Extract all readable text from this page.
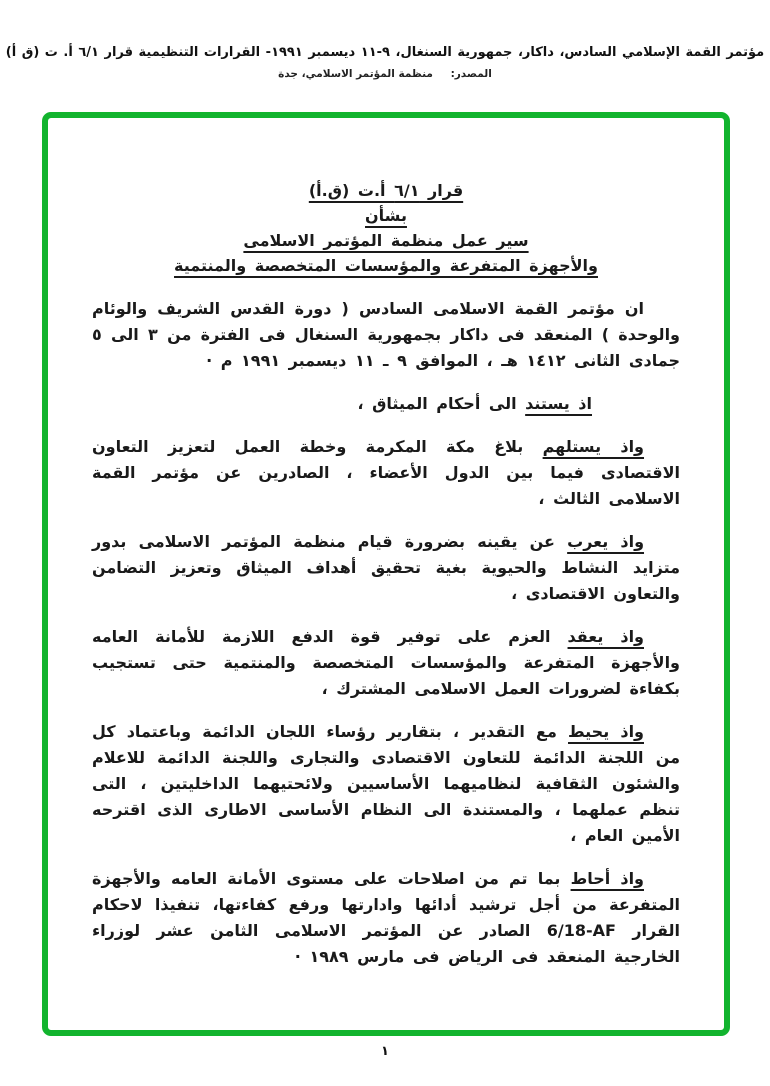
مؤتمر القمة الإسلامي السادس، داكار، جمهورية السنغال، ٩-١١ ديسمبر ١٩٩١- القرارات التنظيمية قرار ٦/١ أ. ت (ق أ)
المصدر: منظمة المؤتمر الاسلامي، جدة
قرار ٦/١ أ.ت (ق.أ)
بشأن
سير عمل منظمة المؤتمر الاسلامى
والأجهزة المتفرعة والمؤسسات المتخصصة والمنتمية

ان مؤتمر القمة الاسلامى السادس ( دورة القدس الشريف والوئام والوحدة ) المنعقد فى داكار بجمهورية السنغال فى الفترة من ٣ الى ٥ جمادى الثانى ١٤١٢ هـ ، الموافق ٩ ـ ١١ ديسمبر ١٩٩١ م ·

اذ يستند الى أحكام الميثاق ،

واذ يستلهم بلاغ مكة المكرمة وخطة العمل لتعزيز التعاون الاقتصادى فيما بين الدول الأعضاء ، الصادرين عن مؤتمر القمة الاسلامى الثالث ،

واذ يعرب عن يقينه بضرورة قيام منظمة المؤتمر الاسلامى بدور متزايد النشاط والحيوية بغية تحقيق أهداف الميثاق وتعزيز التضامن والتعاون الاقتصادى ،

واذ يعقد العزم على توفير قوة الدفع اللازمة للأمانة العامه والأجهزة المتفرعة والمؤسسات المتخصصة والمنتمية حتى تستجيب بكفاءة لضرورات العمل الاسلامى المشترك ،

واذ يحيط مع التقدير ، بتقارير رؤساء اللجان الدائمة وباعتماد كل من اللجنة الدائمة للتعاون الاقتصادى والتجارى واللجنة الدائمة للاعلام والشئون الثقافية لنظاميهما الأساسيين ولائحتيهما الداخليتين ، التى تنظم عملهما ، والمستندة الى النظام الأساسى الاطارى الذى اقترحه الأمين العام ،

واذ أحاط بما تم من اصلاحات على مستوى الأمانة العامه والأجهزة المتفرعة من أجل ترشيد أدائها وادارتها ورفع كفاءتها، تنفيذا لاحكام القرار 6/18-AF الصادر عن المؤتمر الاسلامى الثامن عشر لوزراء الخارجية المنعقد فى الرياض فى مارس ١٩٨٩ ·

١
